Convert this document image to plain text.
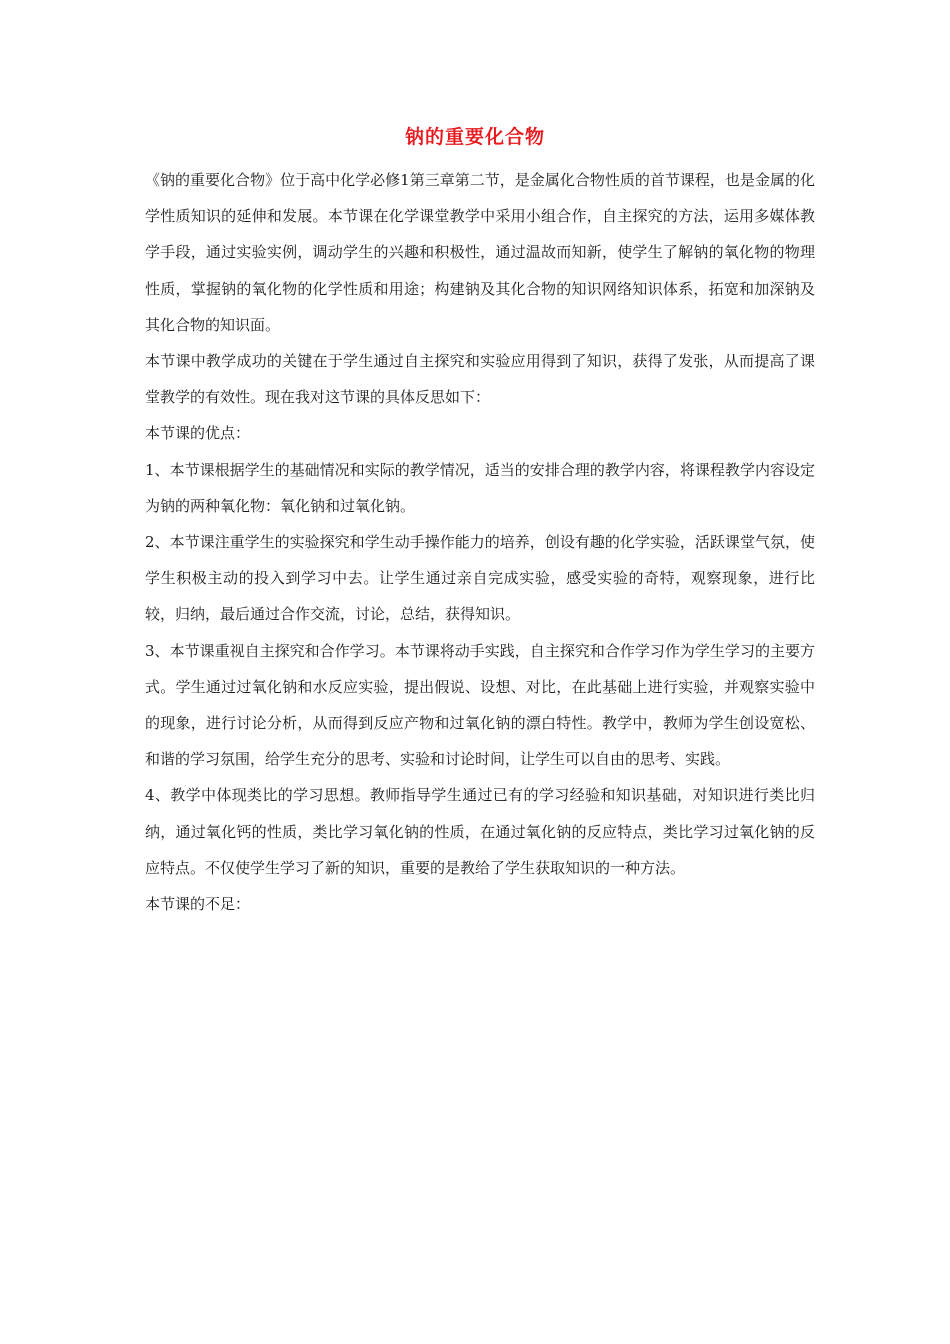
钠的重要化合物

《钠的重要化合物》位于高中化学必修1第三章第二节，是金属化合物性质的首节课程，也是金属的化学性质知识的延伸和发展。本节课在化学课堂教学中采用小组合作，自主探究的方法，运用多媒体教学手段，通过实验实例，调动学生的兴趣和积极性，通过温故而知新，使学生了解钠的氧化物的物理性质，掌握钠的氧化物的化学性质和用途；构建钠及其化合物的知识网络知识体系，拓宽和加深钠及其化合物的知识面。

本节课中教学成功的关键在于学生通过自主探究和实验应用得到了知识，获得了发张，从而提高了课堂教学的有效性。现在我对这节课的具体反思如下：

本节课的优点：

1、本节课根据学生的基础情况和实际的教学情况，适当的安排合理的教学内容，将课程教学内容设定为钠的两种氧化物：氧化钠和过氧化钠。

2、本节课注重学生的实验探究和学生动手操作能力的培养，创设有趣的化学实验，活跃课堂气氛，使学生积极主动的投入到学习中去。让学生通过亲自完成实验，感受实验的奇特，观察现象，进行比较，归纳，最后通过合作交流，讨论，总结，获得知识。

3、本节课重视自主探究和合作学习。本节课将动手实践，自主探究和合作学习作为学生学习的主要方式。学生通过过氧化钠和水反应实验，提出假说、设想、对比，在此基础上进行实验，并观察实验中的现象，进行讨论分析，从而得到反应产物和过氧化钠的漂白特性。教学中，教师为学生创设宽松、和谐的学习氛围，给学生充分的思考、实验和讨论时间，让学生可以自由的思考、实践。

4、教学中体现类比的学习思想。教师指导学生通过已有的学习经验和知识基础，对知识进行类比归纳，通过氧化钙的性质，类比学习氧化钠的性质，在通过氧化钠的反应特点，类比学习过氧化钠的反应特点。不仅使学生学习了新的知识，重要的是教给了学生获取知识的一种方法。

本节课的不足：
